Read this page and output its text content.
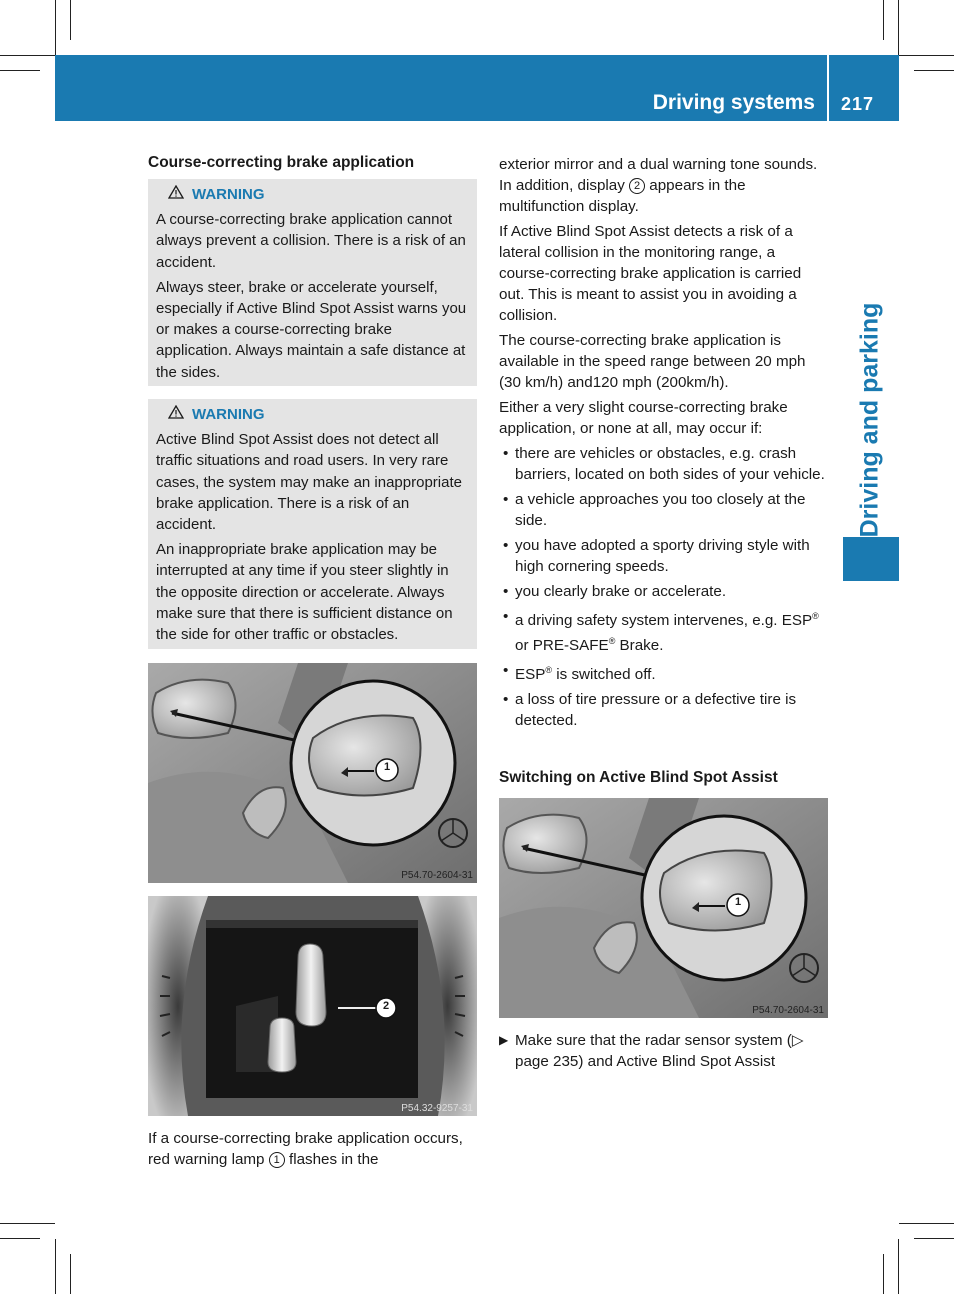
Driving systems 217
Driving and parking
Course-correcting brake application
WARNING

A course-correcting brake application cannot always prevent a collision. There is a risk of an accident.

Always steer, brake or accelerate yourself, especially if Active Blind Spot Assist warns you or makes a course-correcting brake application. Always maintain a safe distance at the sides.

WARNING

Active Blind Spot Assist does not detect all traffic situations and road users. In very rare cases, the system may make an inappropriate brake application. There is a risk of an accident.

An inappropriate brake application may be interrupted at any time if you steer slightly in the opposite direction or accelerate. Always make sure that there is sufficient distance on the side for other traffic or obstacles.

1
P54.70-2604-31
2
P54.32-9257-31

If a course-correcting brake application occurs, red warning lamp 1 flashes in the

exterior mirror and a dual warning tone sounds. In addition, display 2 appears in the multifunction display.

If Active Blind Spot Assist detects a risk of a lateral collision in the monitoring range, a course-correcting brake application is carried out. This is meant to assist you in avoiding a collision.

The course-correcting brake application is available in the speed range between 20 mph (30 km/h) and120 mph (200km/h).

Either a very slight course-correcting brake application, or none at all, may occur if:

• there are vehicles or obstacles, e.g. crash barriers, located on both sides of your vehicle.
• a vehicle approaches you too closely at the side.
• you have adopted a sporty driving style with high cornering speeds.
• you clearly brake or accelerate.
• a driving safety system intervenes, e.g. ESP® or PRE-SAFE® Brake.
• ESP® is switched off.
• a loss of tire pressure or a defective tire is detected.
Switching on Active Blind Spot Assist
1
P54.70-2604-31
▶ Make sure that the radar sensor system (▷ page 235) and Active Blind Spot Assist
